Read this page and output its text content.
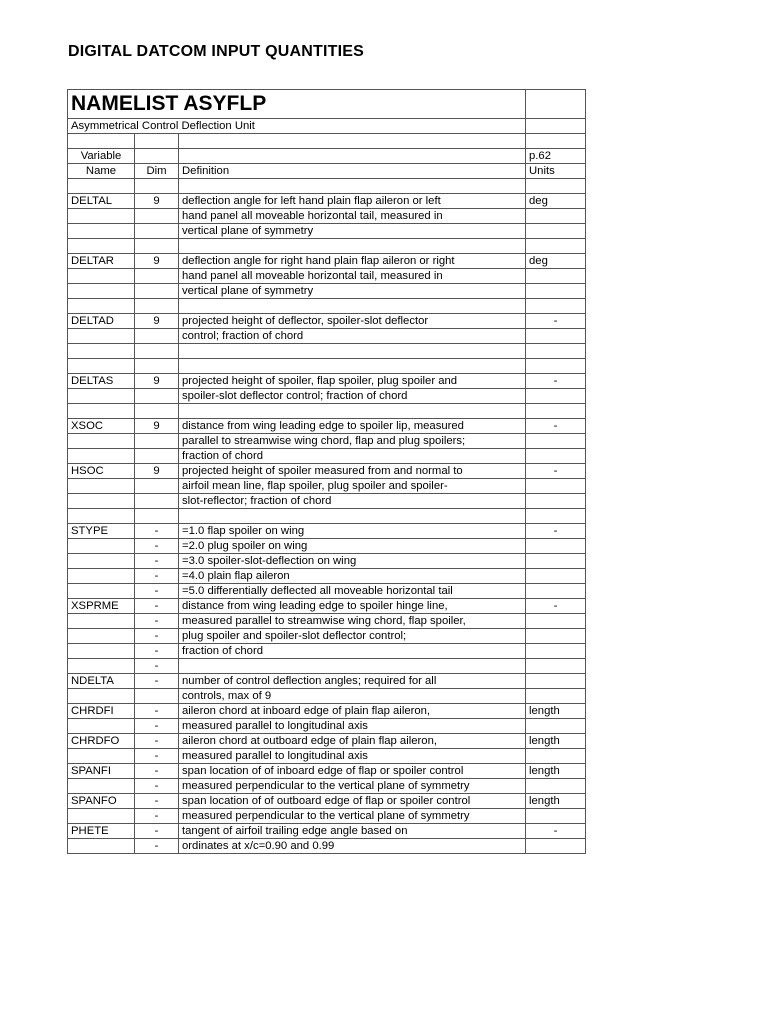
DIGITAL DATCOM INPUT QUANTITIES
NAMELIST ASYFLP			
Asymmetrical Control Deflection Unit			

Variable			p.62
Name	Dim	Definition	Units

DELTAL	9	deflection angle for left hand plain flap aileron or left	deg
		hand panel all moveable horizontal tail, measured in	
		vertical plane of symmetry	

DELTAR	9	deflection angle for right hand plain flap aileron or right	deg
		hand panel all moveable horizontal tail, measured in	
		vertical plane of symmetry	

DELTAD	9	projected height of deflector, spoiler-slot deflector	-
		control; fraction of chord	

DELTAS	9	projected height of spoiler, flap spoiler, plug spoiler and	-
		spoiler-slot deflector control; fraction of chord	

XSOC	9	distance from wing leading edge to spoiler lip, measured	-
		parallel to streamwise wing chord, flap and plug spoilers;	
		fraction of chord	
HSOC	9	projected height of spoiler measured from and normal to	-
		airfoil mean line, flap spoiler, plug spoiler and spoiler-	
		slot-reflector; fraction of chord	

STYPE	-	=1.0 flap spoiler on wing	-
	-	=2.0 plug spoiler on wing	
	-	=3.0 spoiler-slot-deflection on wing	
	-	=4.0 plain flap aileron	
	-	=5.0 differentially deflected all moveable horizontal tail	
XSPRME	-	distance from wing leading edge to spoiler hinge line,	-
	-	measured parallel to streamwise wing chord, flap spoiler,	
	-	plug spoiler and spoiler-slot deflector control;	
	-	fraction of chord	
	-		
NDELTA	-	number of control deflection angles; required for all	
		controls, max of 9	
CHRDFI	-	aileron chord at inboard edge of plain flap aileron,	length
	-	measured parallel to longitudinal axis	
CHRDFO	-	aileron chord at outboard edge of plain flap aileron,	length
	-	measured parallel to longitudinal axis	
SPANFI	-	span location of of inboard edge of flap or spoiler control	length
	-	measured perpendicular to the vertical plane of symmetry	
SPANFO	-	span location of of outboard edge of flap or spoiler control	length
	-	measured perpendicular to the vertical plane of symmetry	
PHETE	-	tangent of airfoil trailing edge angle based on	-
	-	ordinates at x/c=0.90 and 0.99	
